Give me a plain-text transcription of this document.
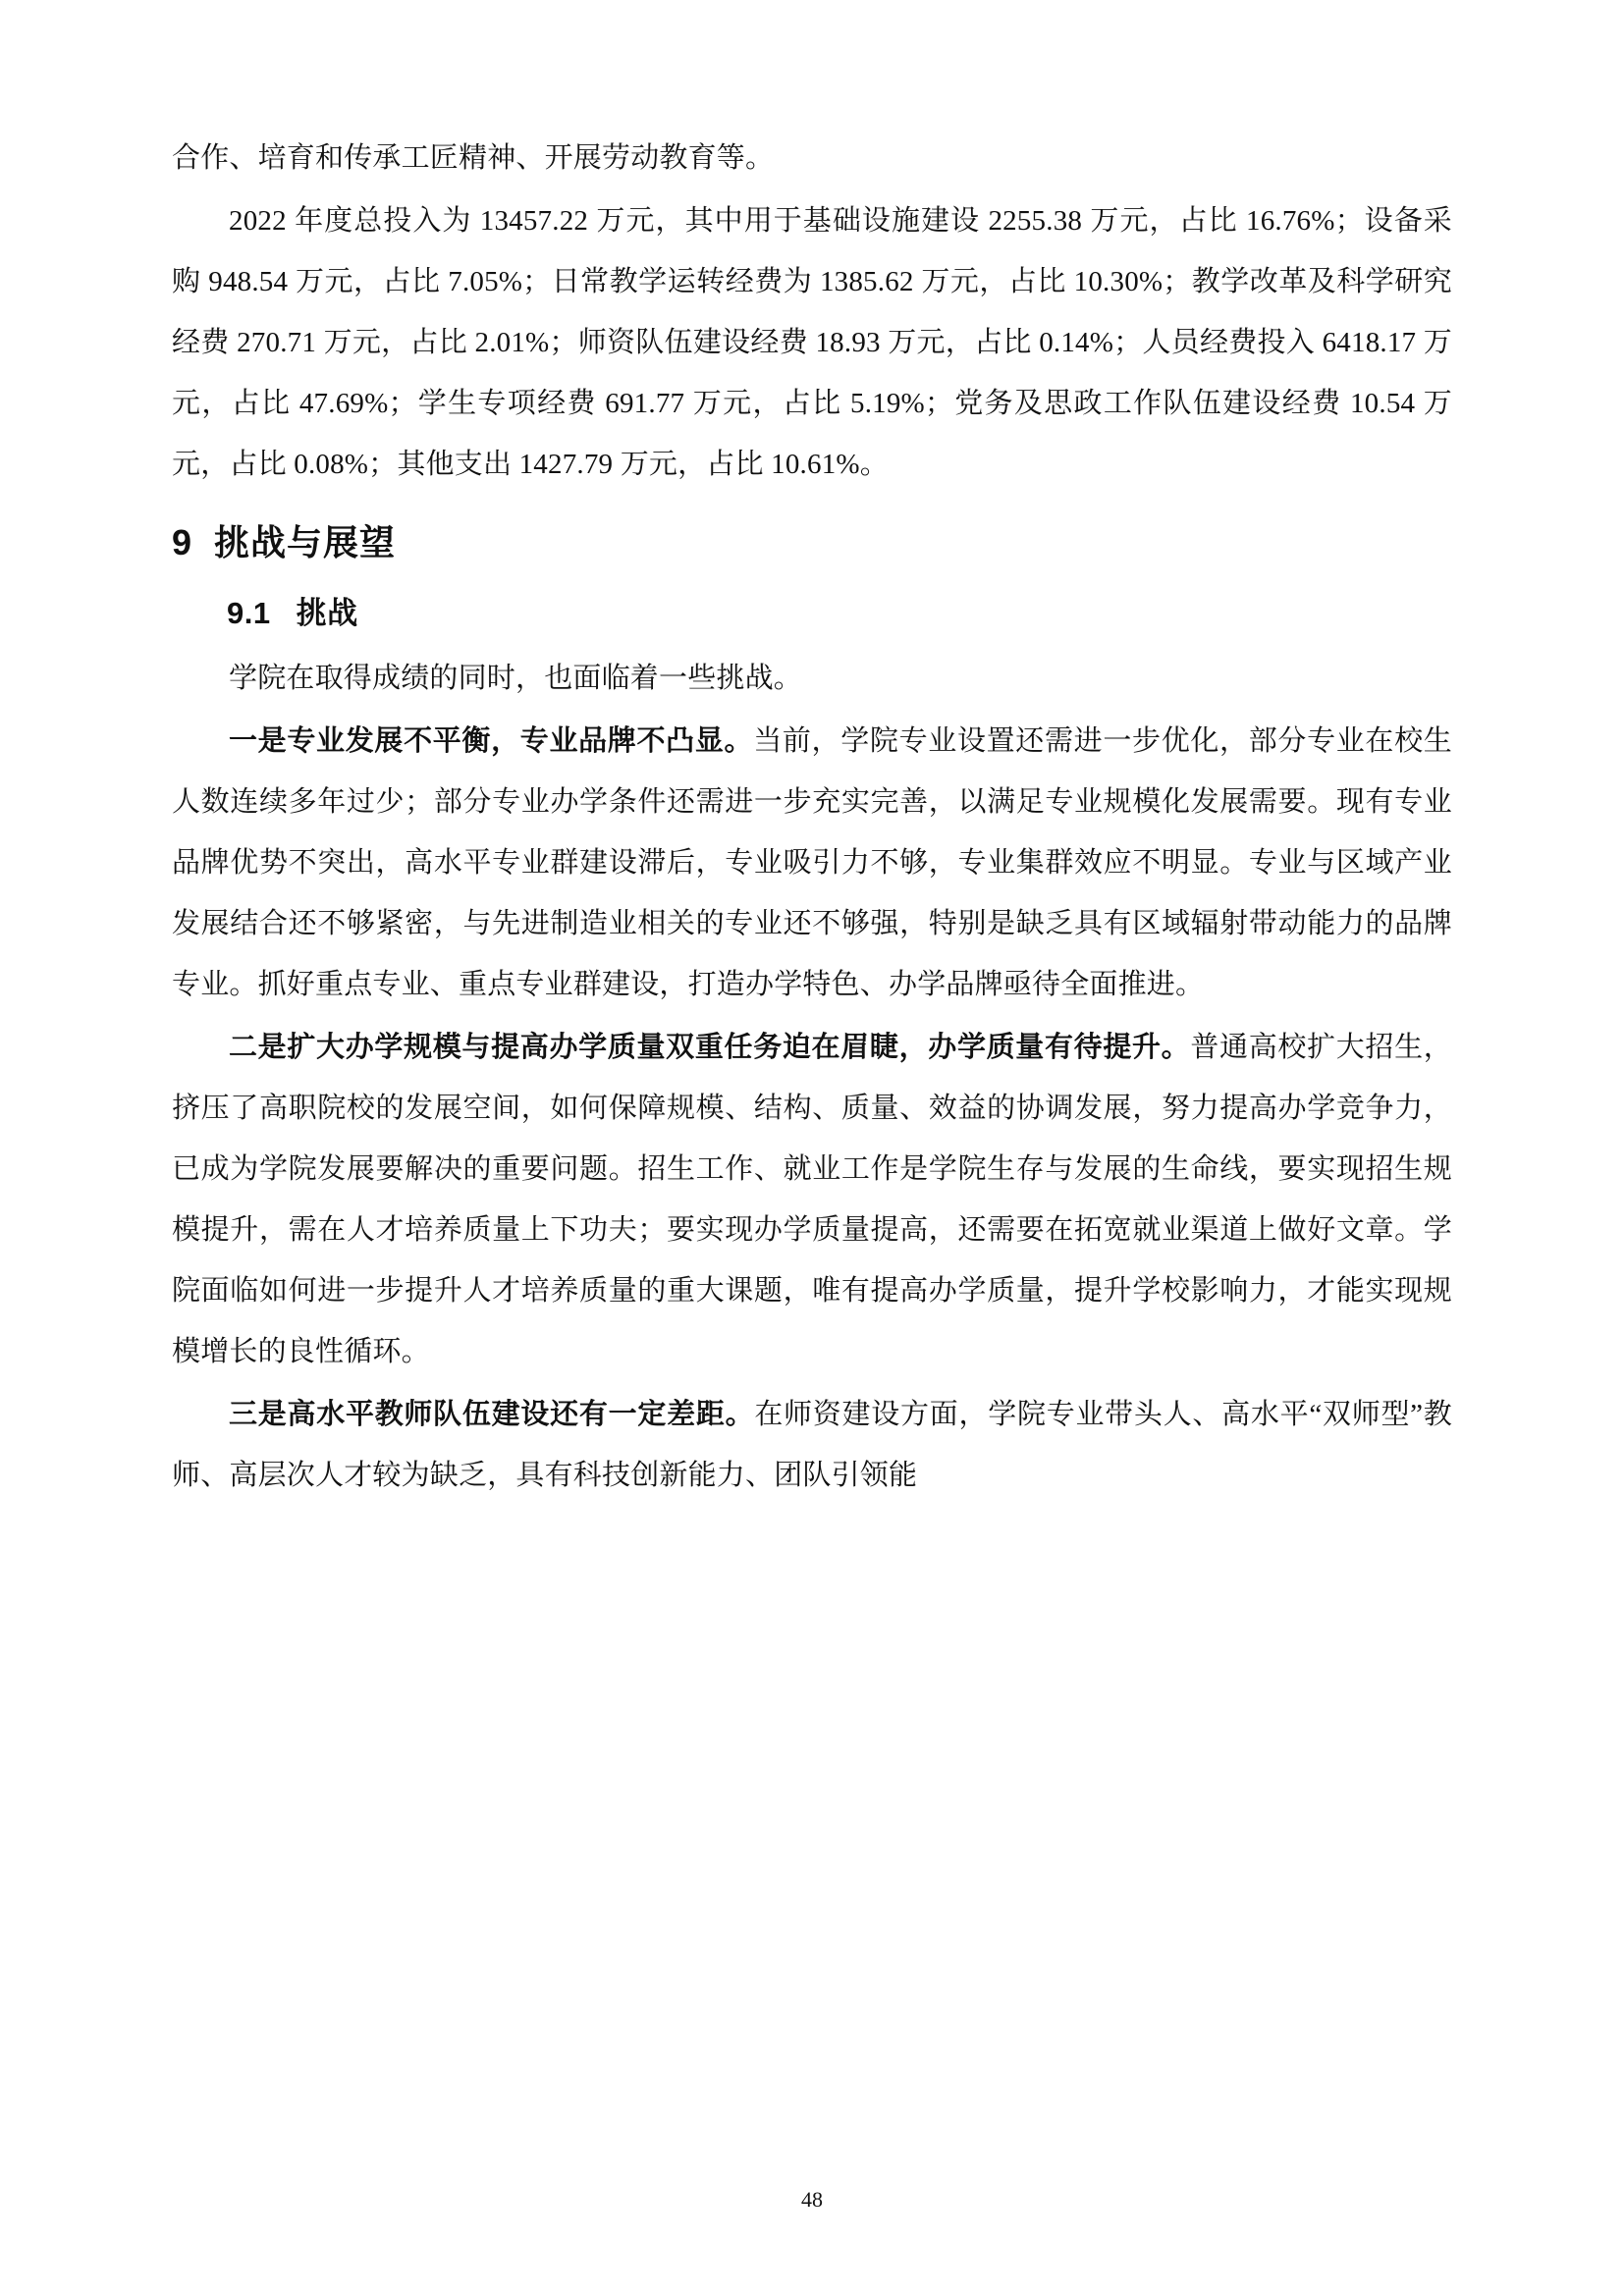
合作、培育和传承工匠精神、开展劳动教育等。

2022 年度总投入为 13457.22 万元，其中用于基础设施建设 2255.38 万元，占比 16.76%；设备采购 948.54 万元，占比 7.05%；日常教学运转经费为 1385.62 万元，占比 10.30%；教学改革及科学研究经费 270.71 万元，占比 2.01%；师资队伍建设经费 18.93 万元，占比 0.14%；人员经费投入 6418.17 万元，占比 47.69%；学生专项经费 691.77 万元，占比 5.19%；党务及思政工作队伍建设经费 10.54 万元，占比 0.08%；其他支出 1427.79 万元，占比 10.61%。

9 挑战与展望
9.1 挑战

学院在取得成绩的同时，也面临着一些挑战。

一是专业发展不平衡，专业品牌不凸显。当前，学院专业设置还需进一步优化，部分专业在校生人数连续多年过少；部分专业办学条件还需进一步充实完善，以满足专业规模化发展需要。现有专业品牌优势不突出，高水平专业群建设滞后，专业吸引力不够，专业集群效应不明显。专业与区域产业发展结合还不够紧密，与先进制造业相关的专业还不够强，特别是缺乏具有区域辐射带动能力的品牌专业。抓好重点专业、重点专业群建设，打造办学特色、办学品牌亟待全面推进。

二是扩大办学规模与提高办学质量双重任务迫在眉睫，办学质量有待提升。普通高校扩大招生，挤压了高职院校的发展空间，如何保障规模、结构、质量、效益的协调发展，努力提高办学竞争力，已成为学院发展要解决的重要问题。招生工作、就业工作是学院生存与发展的生命线，要实现招生规模提升，需在人才培养质量上下功夫；要实现办学质量提高，还需要在拓宽就业渠道上做好文章。学院面临如何进一步提升人才培养质量的重大课题，唯有提高办学质量，提升学校影响力，才能实现规模增长的良性循环。

三是高水平教师队伍建设还有一定差距。在师资建设方面，学院专业带头人、高水平“双师型”教师、高层次人才较为缺乏，具有科技创新能力、团队引领能

48
